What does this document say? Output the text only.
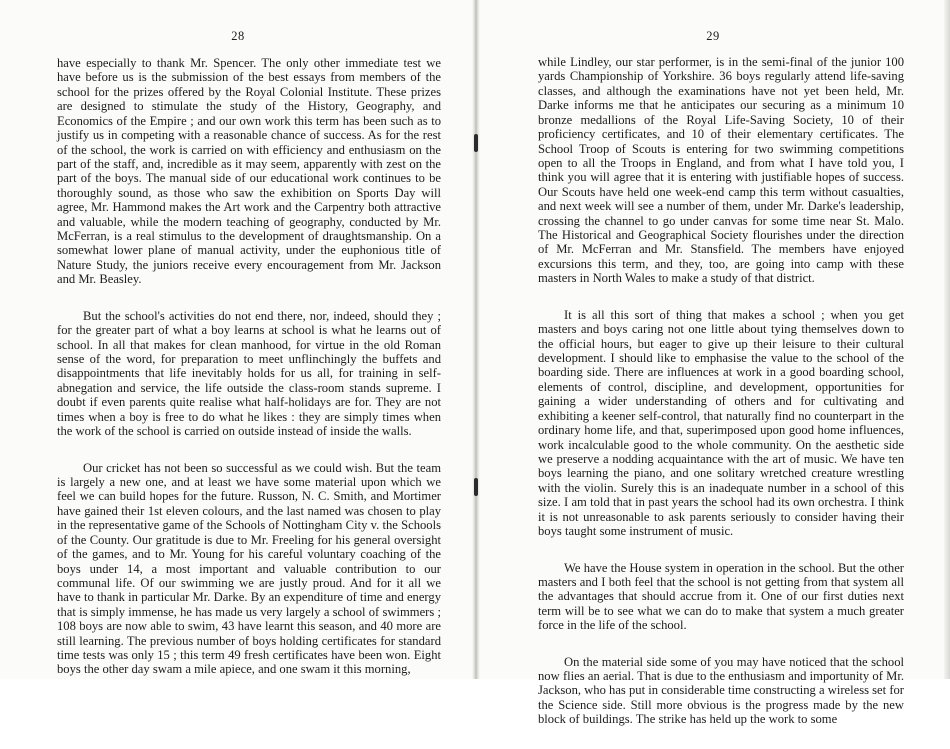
28

have especially to thank Mr. Spencer. The only other immediate test we have before us is the submission of the best essays from members of the school for the prizes offered by the Royal Colonial Institute. These prizes are designed to stimulate the study of the History, Geography, and Economics of the Empire ; and our own work this term has been such as to justify us in competing with a reasonable chance of success. As for the rest of the school, the work is carried on with efficiency and enthusiasm on the part of the staff, and, incredible as it may seem, apparently with zest on the part of the boys. The manual side of our educational work continues to be thoroughly sound, as those who saw the exhibition on Sports Day will agree, Mr. Hammond makes the Art work and the Carpentry both attractive and valuable, while the modern teaching of geography, conducted by Mr. McFerran, is a real stimulus to the development of draughtsmanship. On a somewhat lower plane of manual activity, under the euphonious title of Nature Study, the juniors receive every encouragement from Mr. Jackson and Mr. Beasley.

But the school's activities do not end there, nor, indeed, should they ; for the greater part of what a boy learns at school is what he learns out of school. In all that makes for clean manhood, for virtue in the old Roman sense of the word, for preparation to meet unflinchingly the buffets and disappointments that life inevitably holds for us all, for training in self-abnegation and service, the life outside the class-room stands supreme. I doubt if even parents quite realise what half-holidays are for. They are not times when a boy is free to do what he likes : they are simply times when the work of the school is carried on outside instead of inside the walls.

Our cricket has not been so successful as we could wish. But the team is largely a new one, and at least we have some material upon which we feel we can build hopes for the future. Russon, N. C. Smith, and Mortimer have gained their 1st eleven colours, and the last named was chosen to play in the representative game of the Schools of Nottingham City v. the Schools of the County. Our gratitude is due to Mr. Freeling for his general oversight of the games, and to Mr. Young for his careful voluntary coaching of the boys under 14, a most important and valuable contribution to our communal life. Of our swimming we are justly proud. And for it all we have to thank in particular Mr. Darke. By an expenditure of time and energy that is simply immense, he has made us very largely a school of swimmers ; 108 boys are now able to swim, 43 have learnt this season, and 40 more are still learning. The previous number of boys holding certificates for standard time tests was only 15 ; this term 49 fresh certificates have been won. Eight boys the other day swam a mile apiece, and one swam it this morning,

29

while Lindley, our star performer, is in the semi-final of the junior 100 yards Championship of Yorkshire. 36 boys regularly attend life-saving classes, and although the examinations have not yet been held, Mr. Darke informs me that he anticipates our securing as a minimum 10 bronze medallions of the Royal Life-Saving Society, 10 of their proficiency certificates, and 10 of their elementary certificates. The School Troop of Scouts is entering for two swimming competitions open to all the Troops in England, and from what I have told you, I think you will agree that it is entering with justifiable hopes of success. Our Scouts have held one week-end camp this term without casualties, and next week will see a number of them, under Mr. Darke's leadership, crossing the channel to go under canvas for some time near St. Malo. The Historical and Geographical Society flourishes under the direction of Mr. McFerran and Mr. Stansfield. The members have enjoyed excursions this term, and they, too, are going into camp with these masters in North Wales to make a study of that district.

It is all this sort of thing that makes a school ; when you get masters and boys caring not one little about tying themselves down to the official hours, but eager to give up their leisure to their cultural development. I should like to emphasise the value to the school of the boarding side. There are influences at work in a good boarding school, elements of control, discipline, and development, opportunities for gaining a wider understanding of others and for cultivating and exhibiting a keener self-control, that naturally find no counterpart in the ordinary home life, and that, superimposed upon good home influences, work incalculable good to the whole community. On the aesthetic side we preserve a nodding acquaintance with the art of music. We have ten boys learning the piano, and one solitary wretched creature wrestling with the violin. Surely this is an inadequate number in a school of this size. I am told that in past years the school had its own orchestra. I think it is not unreasonable to ask parents seriously to consider having their boys taught some instrument of music.

We have the House system in operation in the school. But the other masters and I both feel that the school is not getting from that system all the advantages that should accrue from it. One of our first duties next term will be to see what we can do to make that system a much greater force in the life of the school.

On the material side some of you may have noticed that the school now flies an aerial. That is due to the enthusiasm and importunity of Mr. Jackson, who has put in considerable time constructing a wireless set for the Science side. Still more obvious is the progress made by the new block of buildings. The strike has held up the work to some
